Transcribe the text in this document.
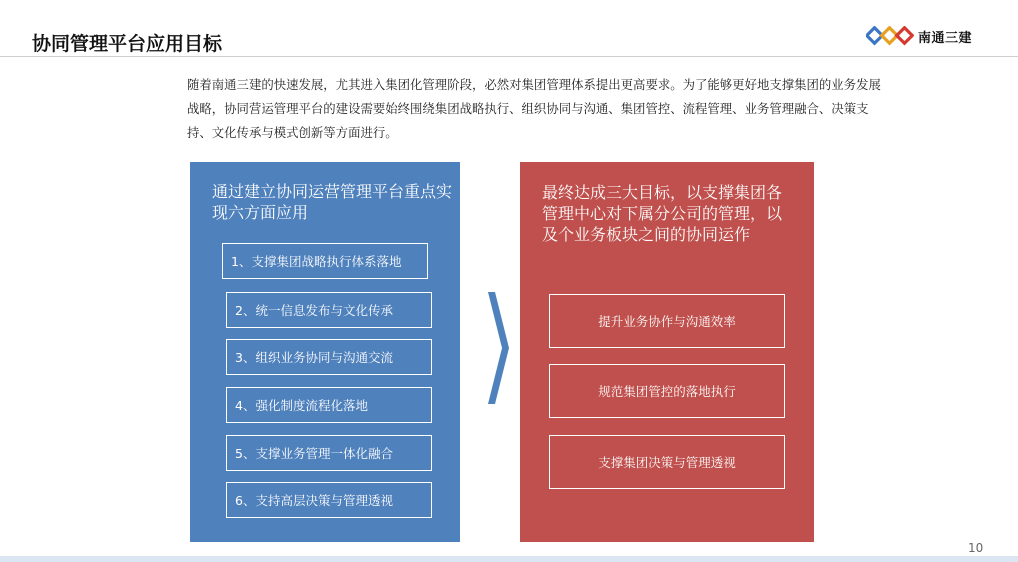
协同管理平台应用目标	南通三建
随着南通三建的快速发展，尤其进入集团化管理阶段，必然对集团管理体系提出更高要求。为了能够更好地支撑集团的业务发展战略，协同营运管理平台的建设需要始终围绕集团战略执行、组织协同与沟通、集团管控、流程管理、业务管理融合、决策支持、文化传承与模式创新等方面进行。
通过建立协同运营管理平台重点实现六方面应用
1、支撑集团战略执行体系落地
2、统一信息发布与文化传承
3、组织业务协同与沟通交流
4、强化制度流程化落地
5、支撑业务管理一体化融合
6、支持高层决策与管理透视
最终达成三大目标，以支撑集团各管理中心对下属分公司的管理，以及个业务板块之间的协同运作
提升业务协作与沟通效率
规范集团管控的落地执行
支撑集团决策与管理透视
10
